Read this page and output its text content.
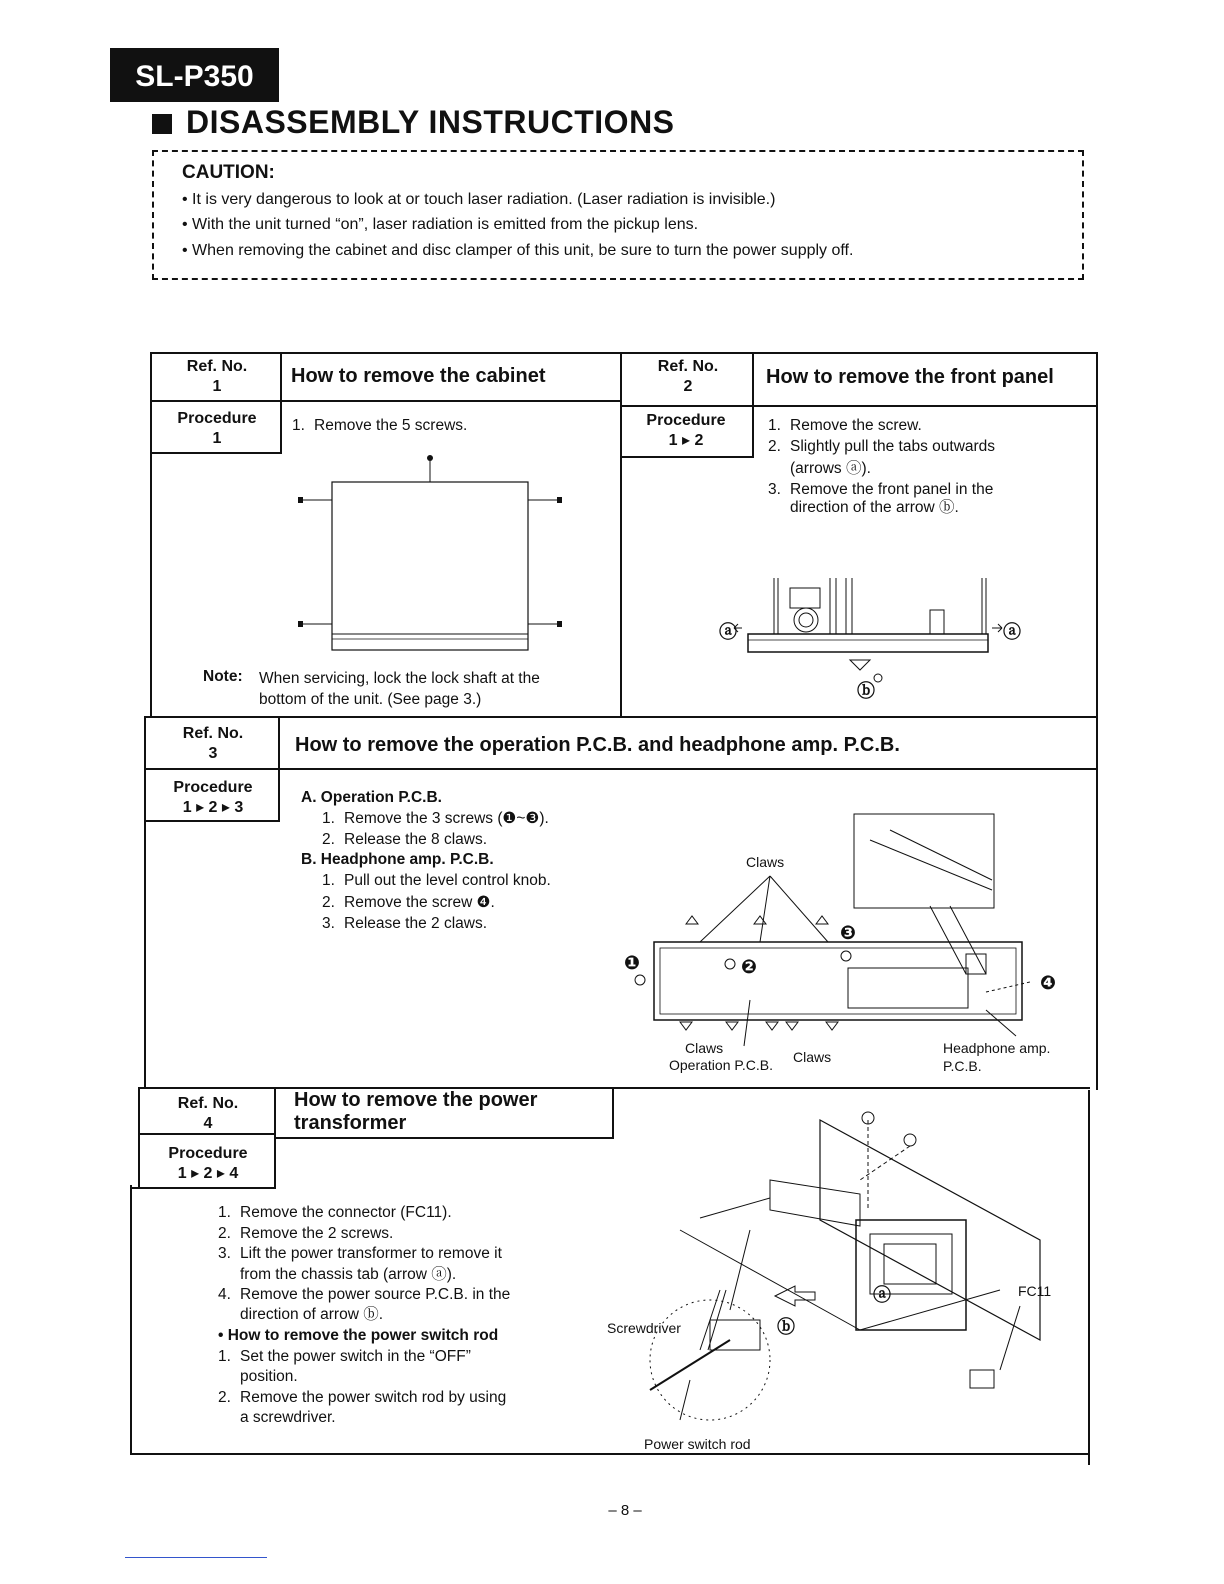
SL-P350
DISASSEMBLY INSTRUCTIONS
CAUTION:
• It is very dangerous to look at or touch laser radiation. (Laser radiation is invisible.)
• With the unit turned “on”, laser radiation is emitted from the pickup lens.
• When removing the cabinet and disc clamper of this unit, be sure to turn the power supply off.
Ref. No.
1	How to remove the cabinet
Procedure
1
1. Remove the 5 screws.
Note: When servicing, lock the lock shaft at the
bottom of the unit. (See page 3.)
Ref. No.
2	How to remove the front panel
Procedure
1 ▸ 2
1. Remove the screw.
2. Slightly pull the tabs outwards
(arrows ⓐ).
3. Remove the front panel in the
direction of the arrow ⓑ.
ⓐ	ⓐ
ⓑ
Ref. No.
3	How to remove the operation P.C.B. and headphone amp. P.C.B.
Procedure
1 ▸ 2 ▸ 3
A. Operation P.C.B.
1. Remove the 3 screws (❶~❸).
2. Release the 8 claws.
B. Headphone amp. P.C.B.
1. Pull out the level control knob.
2. Remove the screw ❹.
3. Release the 2 claws.
Claws
❸
❶	❷
❹
Claws
Operation P.C.B. Claws
Headphone amp.
P.C.B.
Ref. No.
4
How to remove the power
transformer
Procedure
1 ▸ 2 ▸ 4
1. Remove the connector (FC11).
2. Remove the 2 screws.
3. Lift the power transformer to remove it
from the chassis tab (arrow ⓐ).
4. Remove the power source P.C.B. in the
direction of arrow ⓑ.
• How to remove the power switch rod
1. Set the power switch in the “OFF”
position.
2. Remove the power switch rod by using
a screwdriver.
FC11
ⓐ
ⓑ
Screwdriver
Power switch rod
– 8 –
